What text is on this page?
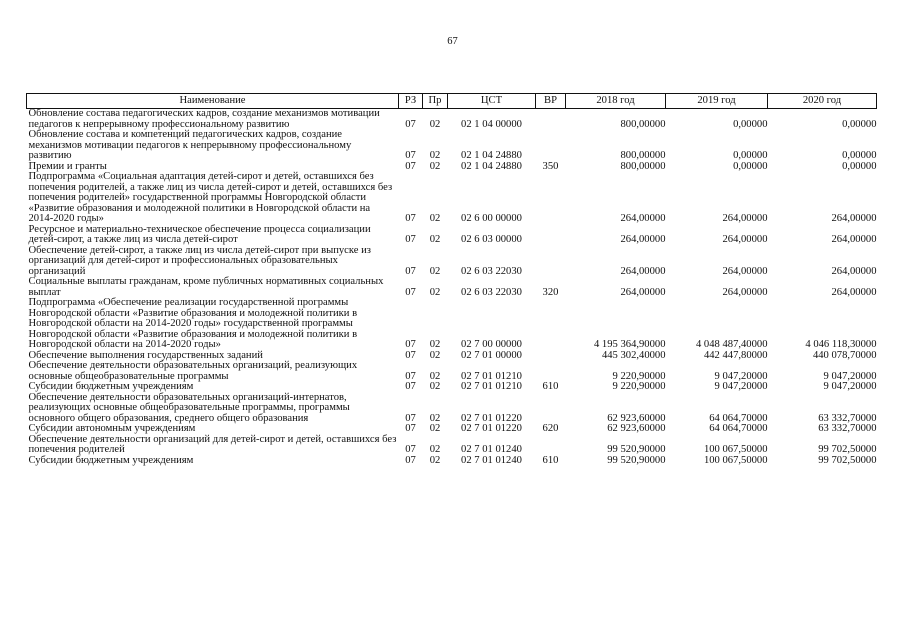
67
Наименование	РЗ	Пр	ЦСТ	ВР	2018 год	2019 год	2020 год
Обновление состава педагогических кадров, создание механизмов мотивации педагогов к непрерывному профессиональному развитию	07	02	02 1 04 00000		800,00000	0,00000	0,00000
Обновление состава и компетенций педагогических кадров, создание механизмов мотивации педагогов к непрерывному профессиональному развитию	07	02	02 1 04 24880		800,00000	0,00000	0,00000
Премии и гранты	07	02	02 1 04 24880	350	800,00000	0,00000	0,00000
Подпрограмма «Социальная адаптация детей-сирот и детей, оставшихся без попечения родителей, а также лиц из числа детей-сирот и детей, оставшихся без попечения родителей» государственной программы Новгородской области «Развитие образования и молодежной политики в Новгородской области на 2014-2020 годы»	07	02	02 6 00 00000		264,00000	264,00000	264,00000
Ресурсное и материально-техническое обеспечение процесса социализации детей-сирот, а также лиц из числа детей-сирот	07	02	02 6 03 00000		264,00000	264,00000	264,00000
Обеспечение детей-сирот, а также лиц из числа детей-сирот при выпуске из организаций для детей-сирот и профессиональных образовательных организаций	07	02	02 6 03 22030		264,00000	264,00000	264,00000
Социальные выплаты гражданам, кроме публичных нормативных социальных выплат	07	02	02 6 03 22030	320	264,00000	264,00000	264,00000
Подпрограмма «Обеспечение реализации государственной программы Новгородской области «Развитие образования и молодежной политики в Новгородской области на 2014-2020 годы» государственной программы Новгородской области «Развитие образования и молодежной политики в Новгородской области на 2014-2020 годы»	07	02	02 7 00 00000		4 195 364,90000	4 048 487,40000	4 046 118,30000
Обеспечение выполнения государственных заданий	07	02	02 7 01 00000		445 302,40000	442 447,80000	440 078,70000
Обеспечение деятельности образовательных организаций, реализующих основные общеобразовательные программы	07	02	02 7 01 01210		9 220,90000	9 047,20000	9 047,20000
Субсидии бюджетным учреждениям	07	02	02 7 01 01210	610	9 220,90000	9 047,20000	9 047,20000
Обеспечение деятельности образовательных организаций-интернатов, реализующих основные общеобразовательные программы, программы основного общего образования, среднего общего образования	07	02	02 7 01 01220		62 923,60000	64 064,70000	63 332,70000
Субсидии автономным учреждениям	07	02	02 7 01 01220	620	62 923,60000	64 064,70000	63 332,70000
Обеспечение деятельности организаций для детей-сирот и детей, оставшихся без попечения родителей	07	02	02 7 01 01240		99 520,90000	100 067,50000	99 702,50000
Субсидии бюджетным учреждениям	07	02	02 7 01 01240	610	99 520,90000	100 067,50000	99 702,50000
